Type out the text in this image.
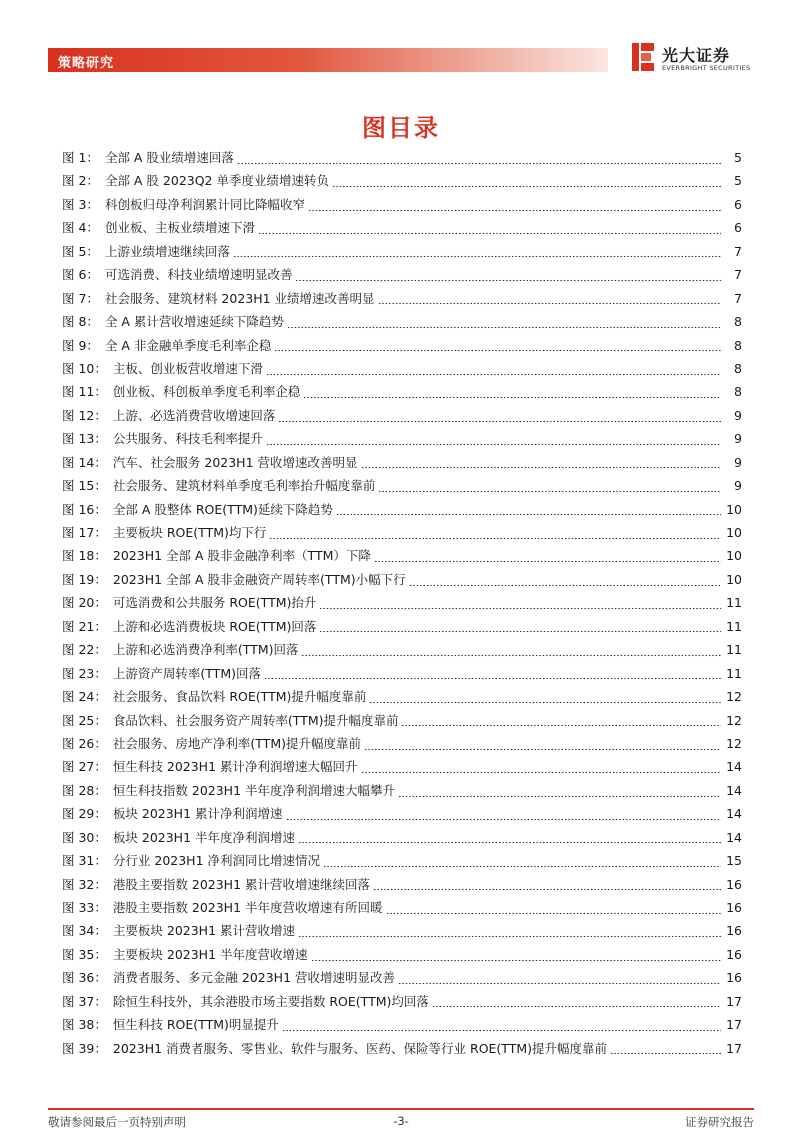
策略研究	光大证券
EVERBRIGHT SECURITIES
图目录
图 1： 全部 A 股业绩增速回落	5
图 2： 全部 A 股 2023Q2 单季度业绩增速转负	5
图 3： 科创板归母净利润累计同比降幅收窄	6
图 4： 创业板、主板业绩增速下滑	6
图 5： 上游业绩增速继续回落	7
图 6： 可选消费、科技业绩增速明显改善	7
图 7： 社会服务、建筑材料 2023H1 业绩增速改善明显	7
图 8： 全 A 累计营收增速延续下降趋势	8
图 9： 全 A 非金融单季度毛利率企稳	8
图 10： 主板、创业板营收增速下滑	8
图 11： 创业板、科创板单季度毛利率企稳	8
图 12： 上游、必选消费营收增速回落	9
图 13： 公共服务、科技毛利率提升	9
图 14： 汽车、社会服务 2023H1 营收增速改善明显	9
图 15： 社会服务、建筑材料单季度毛利率抬升幅度靠前	9
图 16： 全部 A 股整体 ROE(TTM)延续下降趋势	10
图 17： 主要板块 ROE(TTM)均下行	10
图 18： 2023H1 全部 A 股非金融净利率（TTM）下降	10
图 19： 2023H1 全部 A 股非金融资产周转率(TTM)小幅下行	10
图 20： 可选消费和公共服务 ROE(TTM)抬升	11
图 21： 上游和必选消费板块 ROE(TTM)回落	11
图 22： 上游和必选消费净利率(TTM)回落	11
图 23： 上游资产周转率(TTM)回落	11
图 24： 社会服务、食品饮料 ROE(TTM)提升幅度靠前	12
图 25： 食品饮料、社会服务资产周转率(TTM)提升幅度靠前	12
图 26： 社会服务、房地产净利率(TTM)提升幅度靠前	12
图 27： 恒生科技 2023H1 累计净利润增速大幅回升	14
图 28： 恒生科技指数 2023H1 半年度净利润增速大幅攀升	14
图 29： 板块 2023H1 累计净利润增速	14
图 30： 板块 2023H1 半年度净利润增速	14
图 31： 分行业 2023H1 净利润同比增速情况	15
图 32： 港股主要指数 2023H1 累计营收增速继续回落	16
图 33： 港股主要指数 2023H1 半年度营收增速有所回暖	16
图 34： 主要板块 2023H1 累计营收增速	16
图 35： 主要板块 2023H1 半年度营收增速	16
图 36： 消费者服务、多元金融 2023H1 营收增速明显改善	16
图 37： 除恒生科技外，其余港股市场主要指数 ROE(TTM)均回落	17
图 38： 恒生科技 ROE(TTM)明显提升	17
图 39： 2023H1 消费者服务、零售业、软件与服务、医药、保险等行业 ROE(TTM)提升幅度靠前	17
敬请参阅最后一页特别声明	-3-	证券研究报告
